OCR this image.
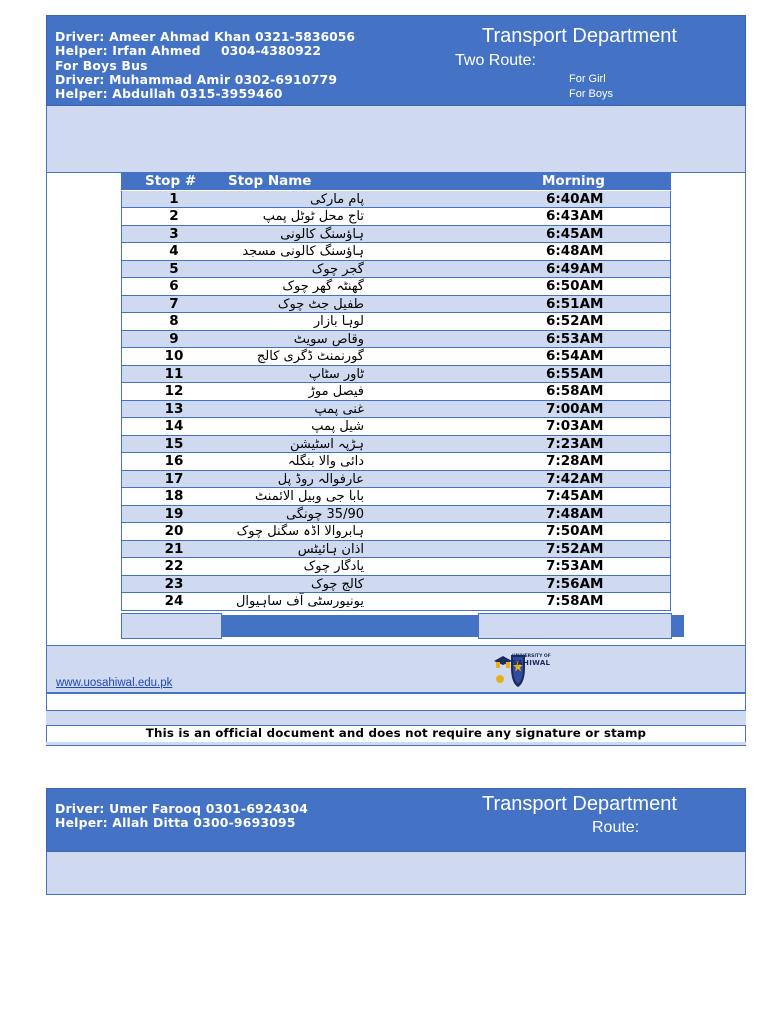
Driver: Ameer Ahmad Khan 0321-5836056
Helper: Irfan Ahmed 0304-4380922
For Boys Bus
Driver: Muhammad Amir 0302-6910779
Helper: Abdullah 0315-3959460
Transport Department
Two Route:
For Girl
For Boys
Stop # Stop Name	Morning
1	پام مارکی	6:40AM
2	تاج محل ٹوٹل پمپ	6:43AM
3	ہاؤسنگ کالونی	6:45AM
4	ہاؤسنگ کالونی مسجد	6:48AM
5	گجر چوک	6:49AM
6	گھنٹہ گھر چوک	6:50AM
7	طفیل جٹ چوک	6:51AM
8	لوہا بازار	6:52AM
9	وقاص سویٹ	6:53AM
10	گورنمنٹ ڈگری کالج	6:54AM
11	ٹاور سٹاپ	6:55AM
12	فیصل موڑ	6:58AM
13	غنی پمپ	7:00AM
14	شیل پمپ	7:03AM
15	ہڑپہ اسٹیشن	7:23AM
16	دائی والا بنگلہ	7:28AM
17	عارفوالہ روڈ پل	7:42AM
18	بابا جی وبیل الائمنٹ	7:45AM
19	35/90 چونگی	7:48AM
20	ہابروالا اڈہ سگنل چوک	7:50AM
21	اذان ہائیٹس	7:52AM
22	یادگار چوک	7:53AM
23	کالج چوک	7:56AM
24	یونیورسٹی آف ساہیوال	7:58AM
www.uosahiwal.edu.pk
UNIVERSITY OF
SAHIWAL
This is an official document and does not require any signature or stamp
Driver: Umer Farooq 0301-6924304
Helper: Allah Ditta 0300-9693095
Transport Department
Route:
